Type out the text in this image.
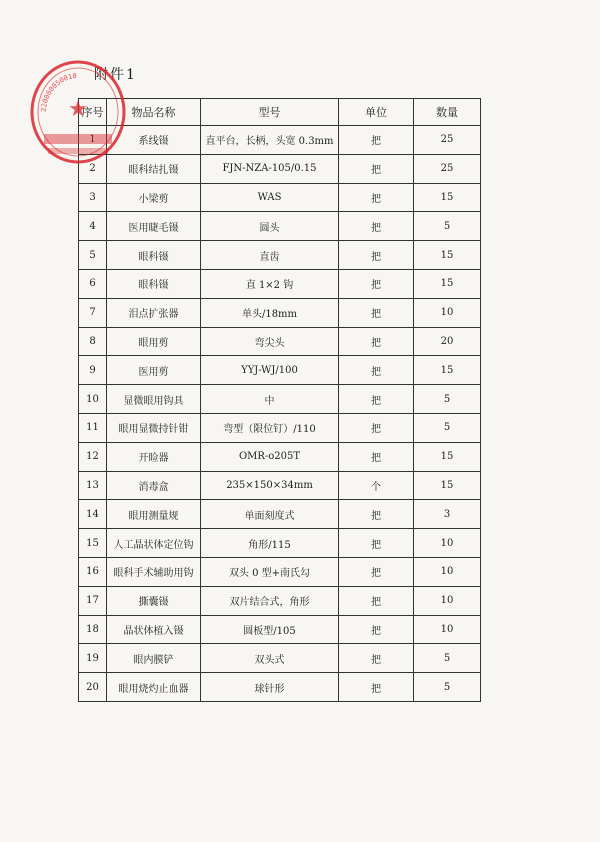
附件1
序号	物品名称	型号	单位	数量
1	系线镊	直平台，长柄，头宽 0.3mm	把	25
2	眼科结扎镊	FJN-NZA-105/0.15	把	25
3	小梁剪	WAS	把	15
4	医用睫毛镊	圆头	把	5
5	眼科镊	直齿	把	15
6	眼科镊	直 1×2 钩	把	15
7	泪点扩张器	单头/18mm	把	10
8	眼用剪	弯尖头	把	20
9	医用剪	YYJ-WJ/100	把	15
10	显微眼用钩具	中	把	5
11	眼用显微持针钳	弯型（限位钉）/110	把	5
12	开睑器	OMR-o205T	把	15
13	消毒盒	235×150×34mm	个	15
14	眼用测量规	单面刻度式	把	3
15	人工晶状体定位钩	角形/115	把	10
16	眼科手术辅助用钩	双头 0 型+南氏勾	把	10
17	撕囊镊	双片结合式，角形	把	10
18	晶状体植入镊	圆板型/105	把	10
19	眼内膜铲	双头式	把	5
20	眼用烧灼止血器	球针形	把	5
220000050010
★
